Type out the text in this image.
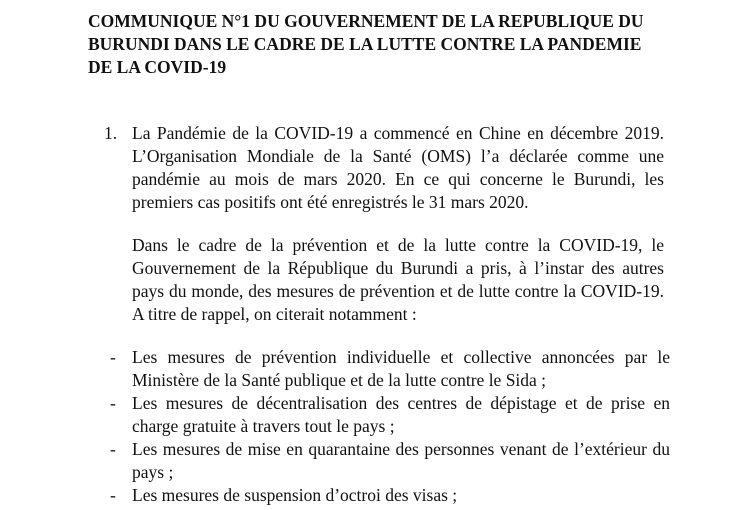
COMMUNIQUE N°1 DU GOUVERNEMENT DE LA REPUBLIQUE DU
BURUNDI DANS LE CADRE DE LA LUTTE CONTRE LA PANDEMIE
DE LA COVID-19
1. La Pandémie de la COVID-19 a commencé en Chine en décembre 2019. L’Organisation Mondiale de la Santé (OMS) l’a déclarée comme une pandémie au mois de mars 2020. En ce qui concerne le Burundi, les premiers cas positifs ont été enregistrés le 31 mars 2020.

Dans le cadre de la prévention et de la lutte contre la COVID-19, le Gouvernement de la République du Burundi a pris, à l’instar des autres pays du monde, des mesures de prévention et de lutte contre la COVID-19. A titre de rappel, on citerait notamment :

- Les mesures de prévention individuelle et collective annoncées par le Ministère de la Santé publique et de la lutte contre le Sida ;
- Les mesures de décentralisation des centres de dépistage et de prise en charge gratuite à travers tout le pays ;
- Les mesures de mise en quarantaine des personnes venant de l’extérieur du pays ;
- Les mesures de suspension d’octroi des visas ;
